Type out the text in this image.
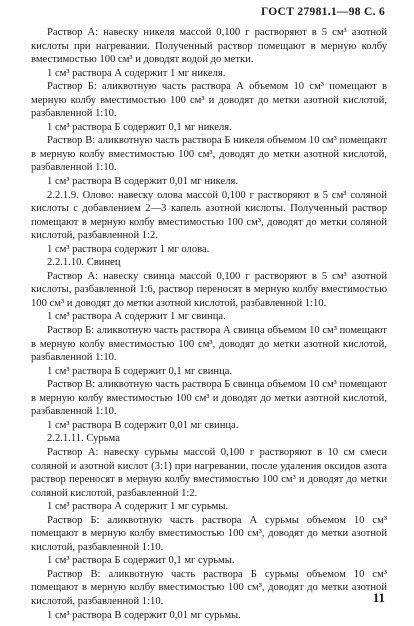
ГОСТ 27981.1—98 С. 6

Раствор А: навеску никеля массой 0,100 г растворяют в 5 см³ азотной кислоты при нагревании. Полученный раствор помещают в мерную колбу вместимостью 100 см³ и доводят водой до метки.

1 см³ раствора А содержит 1 мг никеля.

Раствор Б: аликвотную часть раствора А объемом 10 см³ помещают в мерную колбу вместимостью 100 см³ и доводят до метки азотной кислотой, разбавленной 1:10.

1 см³ раствора Б содержит 0,1 мг никеля.

Раствор В: аликвотную часть раствора Б никеля объемом 10 см³ помещают в мерную колбу вместимостью 100 см³, доводят до метки азотной кислотой, разбавленной 1:10.

1 см³ раствора В содержит 0,01 мг никеля.

2.2.1.9. Олово: навеску олова массой 0,100 г растворяют в 5 см³ соляной кислоты с добавлением 2—3 капель азотной кислоты. Полученный раствор помещают в мерную колбу вместимостью 100 см³, доводят до метки соляной кислотой, разбавленной 1:2.

1 см³ раствора содержит 1 мг олова.

2.2.1.10. Свинец

Раствор А: навеску свинца массой 0,100 г растворяют в 5 см³ азотной кислоты, разбавленной 1:6, раствор переносят в мерную колбу вместимостью 100 см³ и доводят до метки азотной кислотой, разбавленной 1:10.

1 см³ раствора А содержит 1 мг свинца.

Раствор Б: аликвотную часть раствора А свинца объемом 10 см³ помещают в мерную колбу вместимостью 100 см³, доводят до метки азотной кислотой, разбавленной 1:10.

1 см³ раствора Б содержит 0,1 мг свинца.

Раствор В: аликвотную часть раствора Б свинца объемом 10 см³ помещают в мерную колбу вместимостью 100 см³ и доводят до метки азотной кислотой, разбавленной 1:10.

1 см³ раствора В содержит 0,01 мг свинца.

2.2.1.11. Сурьма

Раствор А: навеску сурьмы массой 0,100 г растворяют в 10 см смеси соляной и азотной кислот (3:1) при нагревании, после удаления оксидов азота раствор переносят в мерную колбу вместимостью 100 см³ и доводят до метки соляной кислотой, разбавленной 1:2.

1 см³ раствора А содержит 1 мг сурьмы.

Раствор Б: аликвотную часть раствора А сурьмы объемом 10 см³ помещают в мерную колбу вместимостью 100 см³, доводят до метки азотной кислотой, разбавленной 1:10.

1 см³ раствора Б содержит 0,1 мг сурьмы.

Раствор В: аликвотную часть раствора Б сурьмы объемом 10 см³ помещают в мерную колбу вместимостью 100 см³, доводят до метки азотной кислотой, разбавленной 1:10.

1 см³ раствора В содержит 0,01 мг сурьмы.

11
